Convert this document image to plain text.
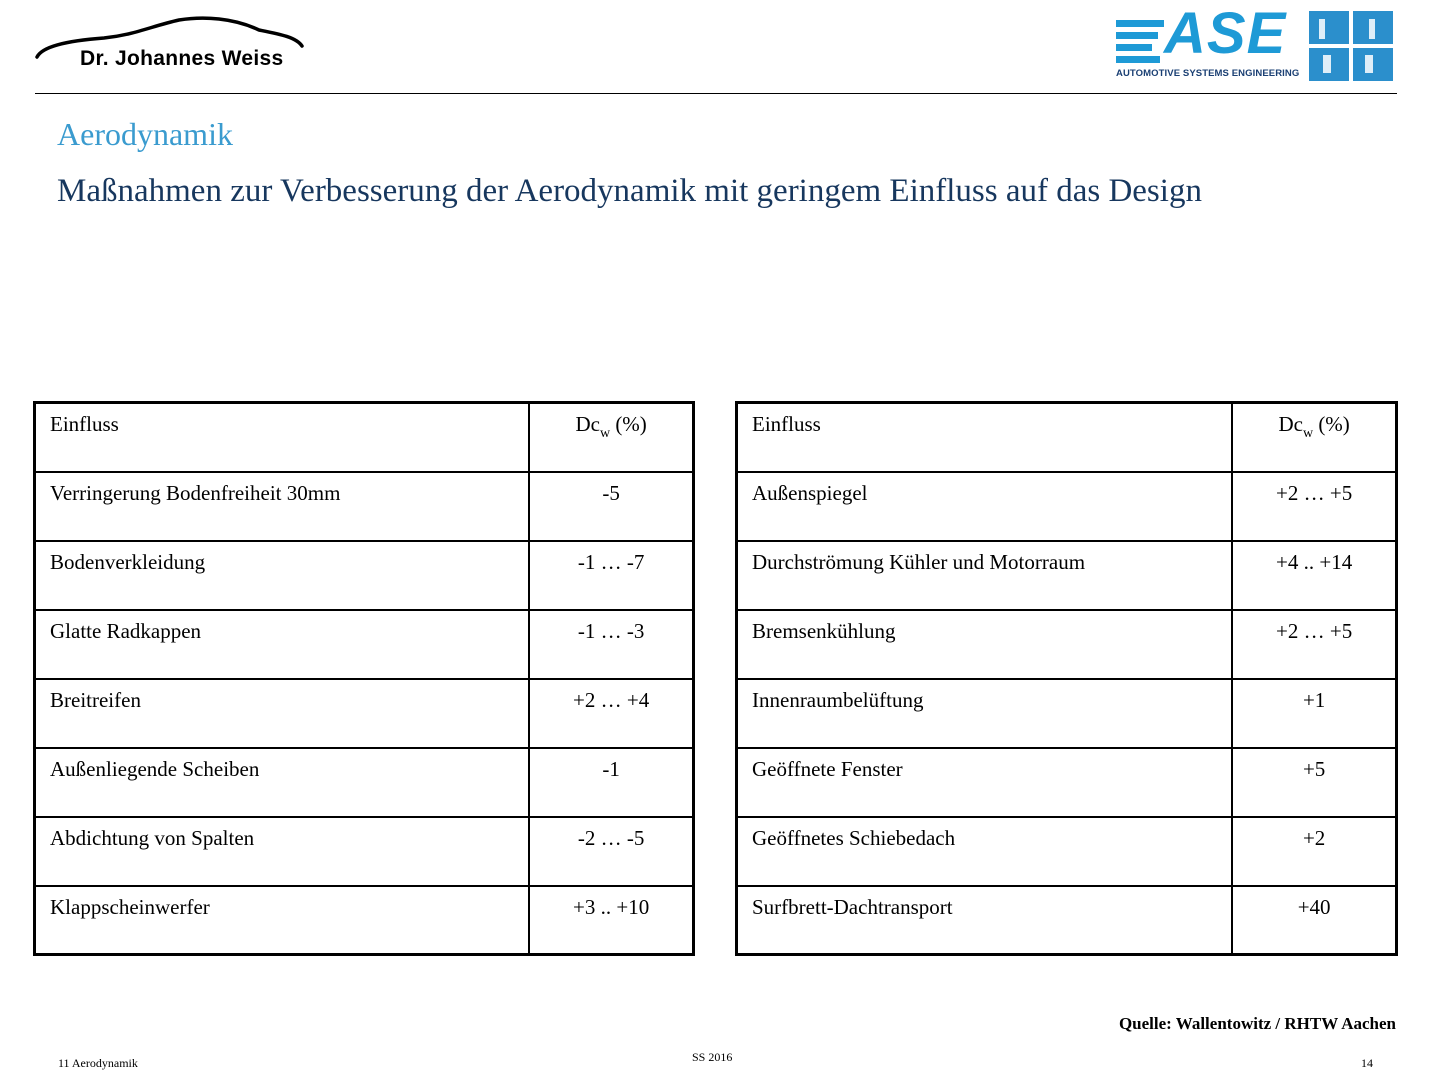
Dr. Johannes Weiss	ASE
AUTOMOTIVE SYSTEMS ENGINEERING
Aerodynamik
Maßnahmen zur Verbesserung der Aerodynamik mit geringem Einfluss auf das Design
Einfluss	$Dc_w$ (%)
Verringerung Bodenfreiheit 30mm	-5
Bodenverkleidung	-1 … -7
Glatte Radkappen	-1 … -3
Breitreifen	+2 … +4
Außenliegende Scheiben	-1
Abdichtung von Spalten	-2 … -5
Klappscheinwerfer	+3 .. +10
Einfluss	$Dc_w$ (%)
Außenspiegel	+2 … +5
Durchströmung Kühler und Motorraum	+4 .. +14
Bremsenkühlung	+2 … +5
Innenraumbelüftung	+1
Geöffnete Fenster	+5
Geöffnetes Schiebedach	+2
Surfbrett-Dachtransport	+40
Quelle: Wallentowitz / RHTW Aachen
11 Aerodynamik	SS 2016	14
